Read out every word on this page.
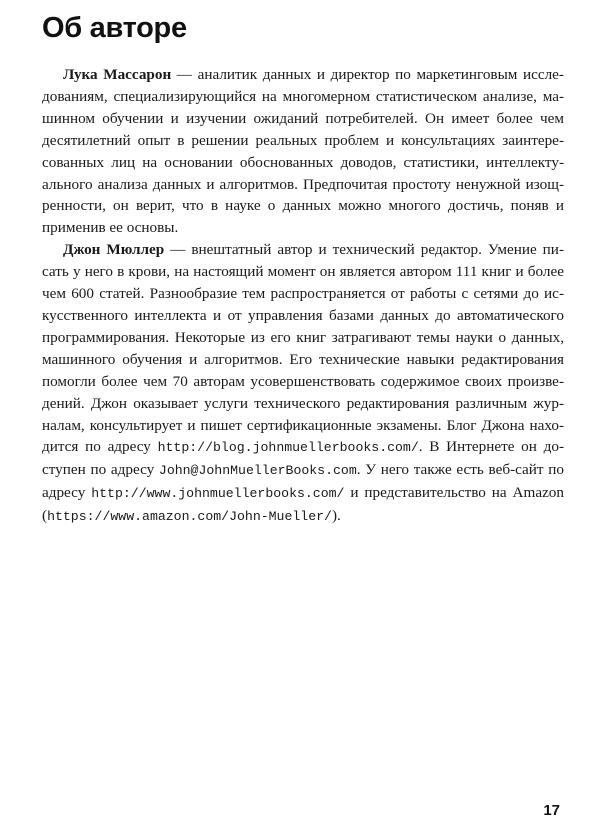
Об авторе

Лука Массарон — аналитик данных и директор по маркетинговым исследованиям, специализирующийся на многомерном статистическом анализе, машинном обучении и изучении ожиданий потребителей. Он имеет более чем десятилетний опыт в решении реальных проблем и консультациях заинтересованных лиц на основании обоснованных доводов, статистики, интеллектуального анализа данных и алгоритмов. Предпочитая простоту ненужной изощренности, он верит, что в науке о данных можно многого достичь, поняв и применив ее основы.

Джон Мюллер — внештатный автор и технический редактор. Умение писать у него в крови, на настоящий момент он является автором 111 книг и более чем 600 статей. Разнообразие тем распространяется от работы с сетями до искусственного интеллекта и от управления базами данных до автоматического программирования. Некоторые из его книг затрагивают темы науки о данных, машинного обучения и алгоритмов. Его технические навыки редактирования помогли более чем 70 авторам усовершенствовать содержимое своих произведений. Джон оказывает услуги технического редактирования различным журналам, консультирует и пишет сертификационные экзамены. Блог Джона находится по адресу http://blog.johnmuellerbooks.com/. В Интернете он доступен по адресу John@JohnMuellerBooks.com. У него также есть веб-сайт по адресу http://www.johnmuellerbooks.com/ и представительство на Amazon (https://www.amazon.com/John-Mueller/).

17
